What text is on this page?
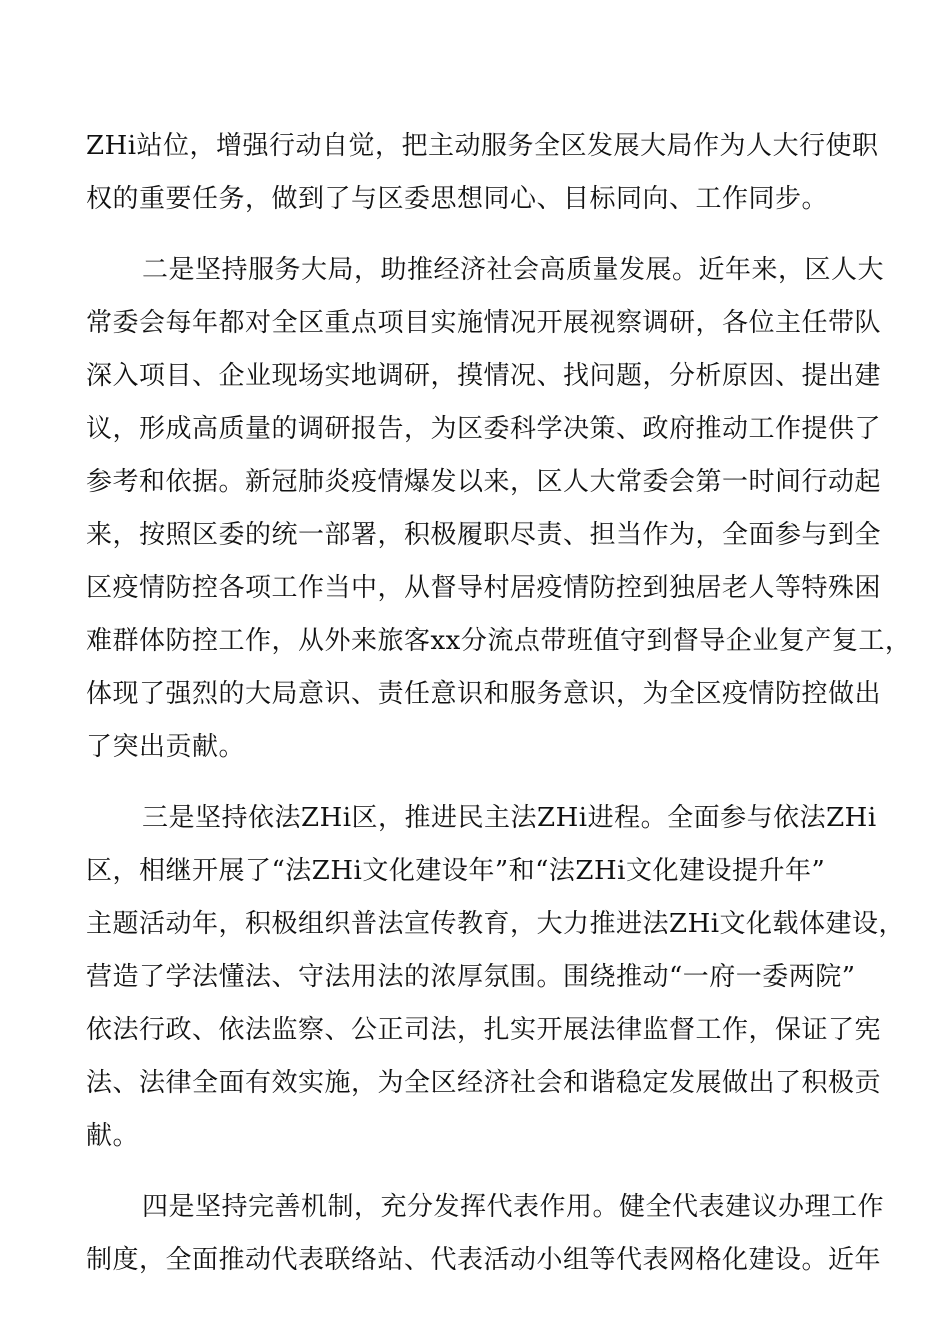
ZHi站位，增强行动自觉，把主动服务全区发展大局作为人大行使职
权的重要任务，做到了与区委思想同心、目标同向、工作同步。
二是坚持服务大局，助推经济社会高质量发展。近年来，区人大
常委会每年都对全区重点项目实施情况开展视察调研，各位主任带队
深入项目、企业现场实地调研，摸情况、找问题，分析原因、提出建
议，形成高质量的调研报告，为区委科学决策、政府推动工作提供了
参考和依据。新冠肺炎疫情爆发以来，区人大常委会第一时间行动起
来，按照区委的统一部署，积极履职尽责、担当作为，全面参与到全
区疫情防控各项工作当中，从督导村居疫情防控到独居老人等特殊困
难群体防控工作，从外来旅客xx分流点带班值守到督导企业复产复工，
体现了强烈的大局意识、责任意识和服务意识，为全区疫情防控做出
了突出贡献。
三是坚持依法ZHi区，推进民主法ZHi进程。全面参与依法ZHi
区，相继开展了“法ZHi文化建设年”和“法ZHi文化建设提升年”
主题活动年，积极组织普法宣传教育，大力推进法ZHi文化载体建设，
营造了学法懂法、守法用法的浓厚氛围。围绕推动“一府一委两院”
依法行政、依法监察、公正司法，扎实开展法律监督工作，保证了宪
法、法律全面有效实施，为全区经济社会和谐稳定发展做出了积极贡
献。
四是坚持完善机制，充分发挥代表作用。健全代表建议办理工作
制度，全面推动代表联络站、代表活动小组等代表网格化建设。近年
